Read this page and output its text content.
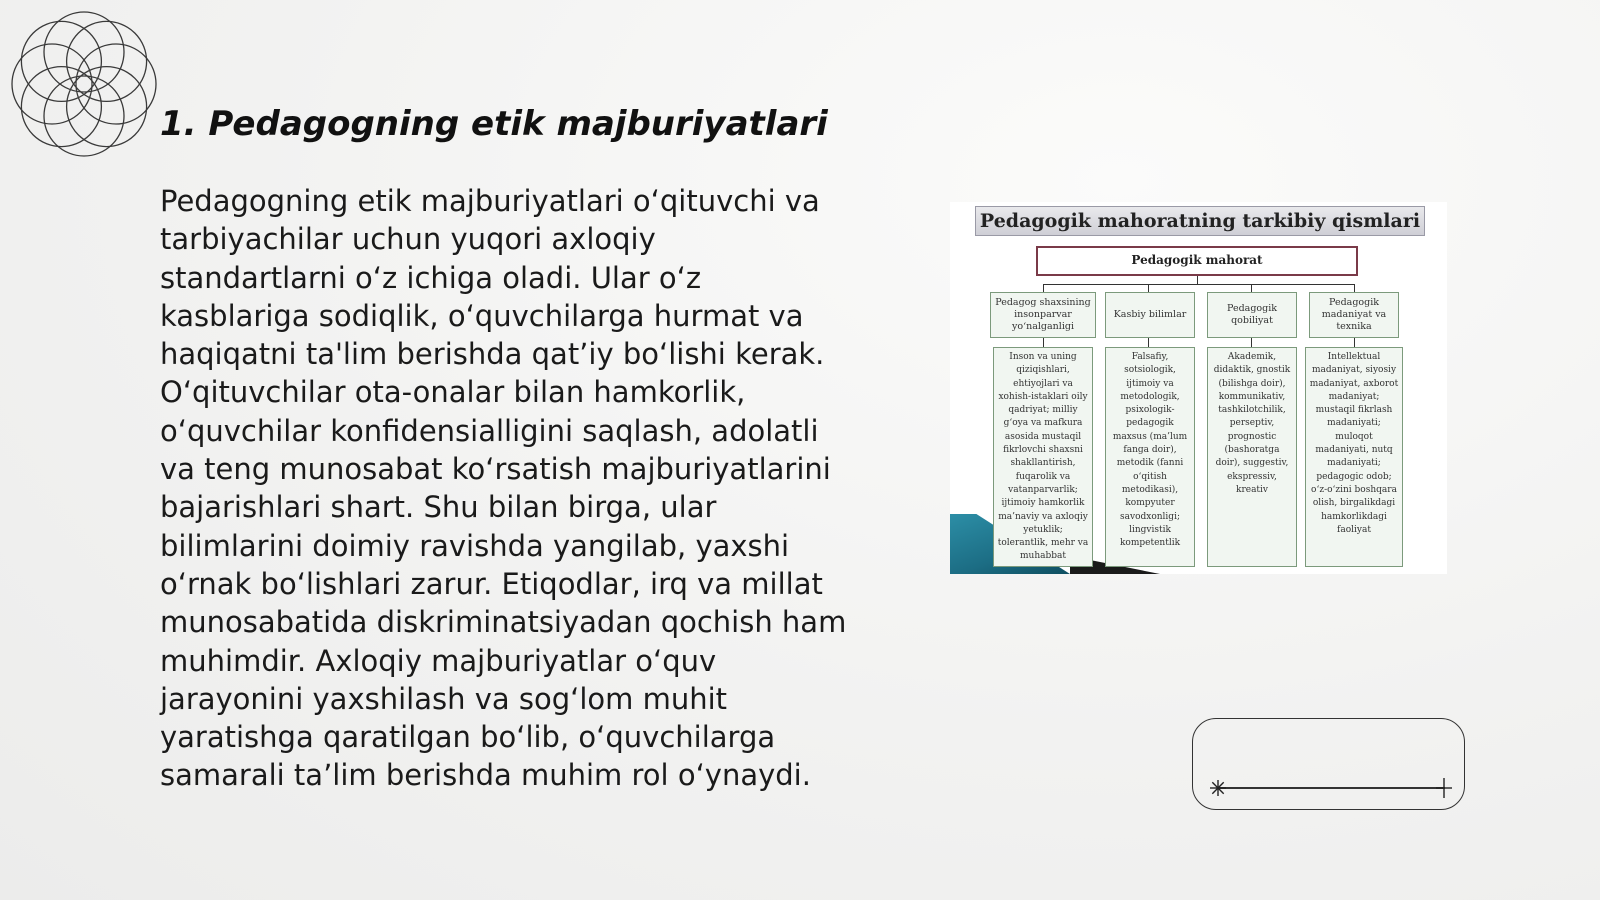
1. Pedagogning etik majburiyatlari
Pedagogning etik majburiyatlari o‘qituvchi va tarbiyachilar uchun yuqori axloqiy standartlarni o‘z ichiga oladi. Ular o‘z kasblariga sodiqlik, o‘quvchilarga hurmat va haqiqatni ta'lim berishda qat’iy bo‘lishi kerak. O‘qituvchilar ota-onalar bilan hamkorlik, o‘quvchilar konfidensialligini saqlash, adolatli va teng munosabat ko‘rsatish majburiyatlarini bajarishlari shart. Shu bilan birga, ular bilimlarini doimiy ravishda yangilab, yaxshi o‘rnak bo‘lishlari zarur. Etiqodlar, irq va millat munosabatida diskriminatsiyadan qochish ham muhimdir. Axloqiy majburiyatlar o‘quv jarayonini yaxshilash va sog‘lom muhit yaratishga qaratilgan bo‘lib, o‘quvchilarga samarali ta’lim berishda muhim rol o‘ynaydi.
Pedagogik mahoratning tarkibiy qismlari
Pedagogik mahorat
Pedagog shaxsining insonparvar yo‘nalganligi
Kasbiy bilimlar
Pedagogik qobiliyat
Pedagogik madaniyat va texnika
Inson va uning qiziqishlari, ehtiyojlari va xohish-istaklari oily qadriyat; milliy g‘oya va mafkura asosida mustaqil fikrlovchi shaxsni shakllantirish, fuqarolik va vatanparvarlik; ijtimoiy hamkorlik ma’naviy va axloqiy yetuklik; tolerantlik, mehr va muhabbat
Falsafiy, sotsiologik, ijtimoiy va metodologik, psixologik-pedagogik maxsus (ma’lum fanga doir), metodik (fanni o‘qitish metodikasi), kompyuter savodxonligi; lingvistik kompetentlik
Akademik, didaktik, gnostik (bilishga doir), kommunikativ, tashkilotchilik, perseptiv, prognostic (bashoratga doir), suggestiv, ekspressiv, kreativ
Intellektual madaniyat, siyosiy madaniyat, axborot madaniyat; mustaqil fikrlash madaniyati; muloqot madaniyati, nutq madaniyati; pedagogic odob; o‘z-o‘zini boshqara olish, birgalikdagi hamkorlikdagi faoliyat
